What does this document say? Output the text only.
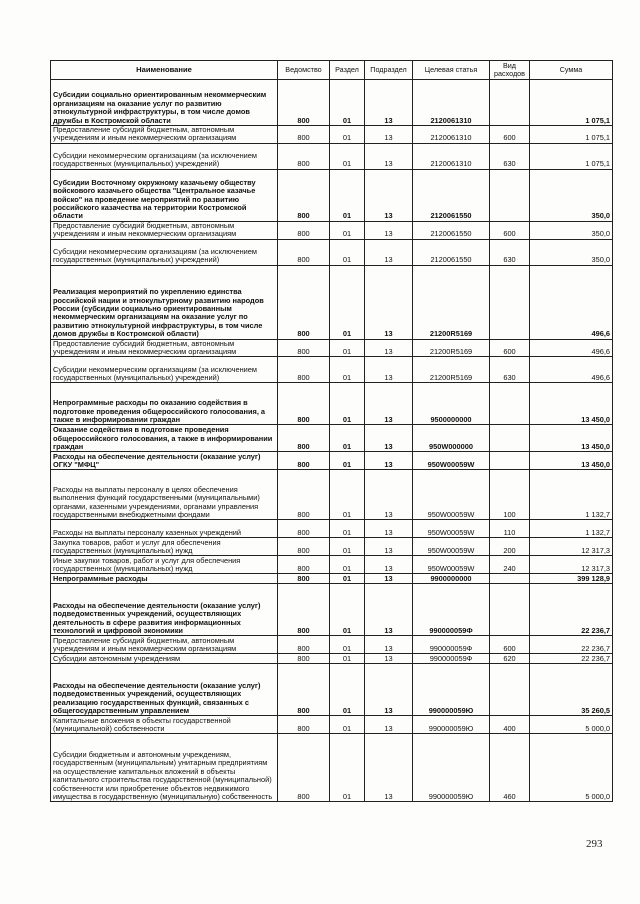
Наименование	Ведомство	Раздел	Подраздел	Целевая статья	Вид расходов	Сумма
Субсидии социально ориентированным некоммерческим организациям на оказание услуг по развитию этнокультурной инфраструктуры, в том числе домов дружбы в Костромской области	800	01	13	2120061310		1 075,1
Предоставление субсидий бюджетным, автономным учреждениям и иным некоммерческим организациям	800	01	13	2120061310	600	1 075,1
Субсидии некоммерческим организациям (за исключением государственных (муниципальных) учреждений)	800	01	13	2120061310	630	1 075,1
Субсидии Восточному окружному казачьему обществу войскового казачьего общества "Центральное казачье войско" на проведение мероприятий по развитию российского казачества на территории Костромской области	800	01	13	2120061550		350,0
Предоставление субсидий бюджетным, автономным учреждениям и иным некоммерческим организациям	800	01	13	2120061550	600	350,0
Субсидии некоммерческим организациям (за исключением государственных (муниципальных) учреждений)	800	01	13	2120061550	630	350,0
Реализация мероприятий по укреплению единства российской нации и этнокультурному развитию народов России (субсидии социально ориентированным некоммерческим организациям на оказание услуг по развитию этнокультурной инфраструктуры, в том числе домов дружбы в Костромской области)	800	01	13	21200R5169		496,6
Предоставление субсидий бюджетным, автономным учреждениям и иным некоммерческим организациям	800	01	13	21200R5169	600	496,6
Субсидии некоммерческим организациям (за исключением государственных (муниципальных) учреждений)	800	01	13	21200R5169	630	496,6
Непрограммные расходы по оказанию содействия в подготовке проведения общероссийского голосования, а также в информировании граждан	800	01	13	9500000000		13 450,0
Оказание содействия в подготовке проведения общероссийского голосования, а также в информировании граждан	800	01	13	950W000000		13 450,0
Расходы на обеспечение деятельности (оказание услуг) ОГКУ "МФЦ"	800	01	13	950W00059W		13 450,0
Расходы на выплаты персоналу в целях обеспечения выполнения функций государственными (муниципальными) органами, казенными учреждениями, органами управления государственными внебюджетными фондами	800	01	13	950W00059W	100	1 132,7
Расходы на выплаты персоналу казенных учреждений	800	01	13	950W00059W	110	1 132,7
Закупка товаров, работ и услуг для обеспечения государственных (муниципальных) нужд	800	01	13	950W00059W	200	12 317,3
Иные закупки товаров, работ и услуг для обеспечения государственных (муниципальных) нужд	800	01	13	950W00059W	240	12 317,3
Непрограммные расходы	800	01	13	9900000000		399 128,9
Расходы на обеспечение деятельности (оказание услуг) подведомственных учреждений, осуществляющих деятельность в сфере развития информационных технологий и цифровой экономики	800	01	13	990000059Ф		22 236,7
Предоставление субсидий бюджетным, автономным учреждениям и иным некоммерческим организациям	800	01	13	990000059Ф	600	22 236,7
Субсидии автономным учреждениям	800	01	13	990000059Ф	620	22 236,7
Расходы на обеспечение деятельности (оказание услуг) подведомственных учреждений, осуществляющих реализацию государственных функций, связанных с общегосударственным управлением	800	01	13	990000059Ю		35 260,5
Капитальные вложения в объекты государственной (муниципальной) собственности	800	01	13	990000059Ю	400	5 000,0
Субсидии бюджетным и автономным учреждениям, государственным (муниципальным) унитарным предприятиям на осуществление капитальных вложений в объекты капитального строительства государственной (муниципальной) собственности или приобретение объектов недвижимого имущества в государственную (муниципальную) собственность	800	01	13	990000059Ю	460	5 000,0
293
